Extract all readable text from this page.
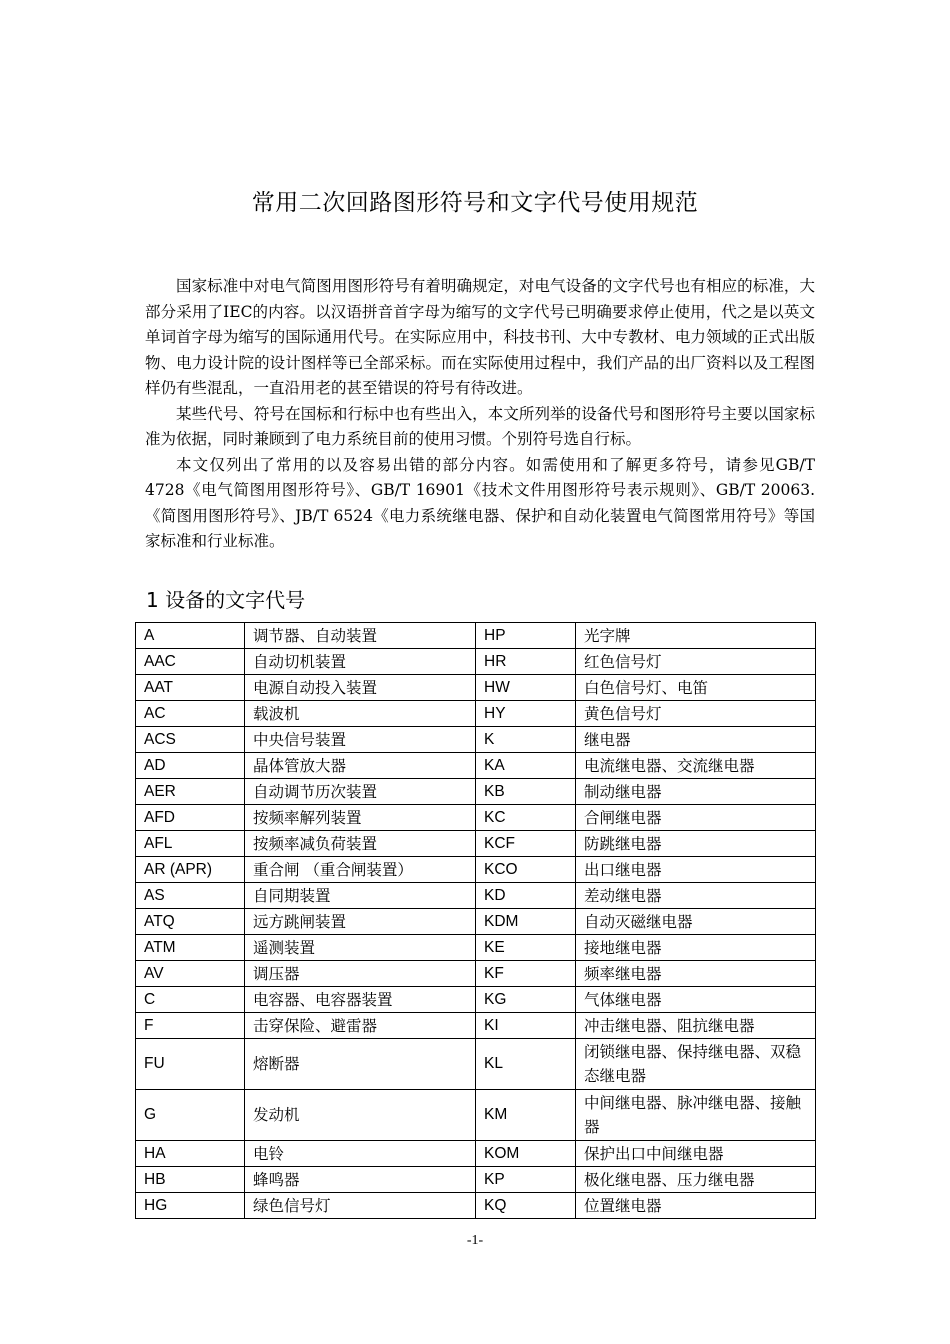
常用二次回路图形符号和文字代号使用规范

国家标准中对电气简图用图形符号有着明确规定，对电气设备的文字代号也有相应的标准，大部分采用了IEC的内容。以汉语拼音首字母为缩写的文字代号已明确要求停止使用，代之是以英文单词首字母为缩写的国际通用代号。在实际应用中，科技书刊、大中专教材、电力领域的正式出版物、电力设计院的设计图样等已全部采标。而在实际使用过程中，我们产品的出厂资料以及工程图样仍有些混乱，一直沿用老的甚至错误的符号有待改进。

某些代号、符号在国标和行标中也有些出入，本文所列举的设备代号和图形符号主要以国家标准为依据，同时兼顾到了电力系统目前的使用习惯。个别符号选自行标。

本文仅列出了常用的以及容易出错的部分内容。如需使用和了解更多符号，请参见GB/T 4728《电气简图用图形符号》、GB/T 16901《技术文件用图形符号表示规则》、GB/T 20063.《简图用图形符号》、JB/T 6524《电力系统继电器、保护和自动化装置电气简图常用符号》等国家标准和行业标准。

1 设备的文字代号
A	调节器、自动装置	HP	光字牌
AAC	自动切机装置	HR	红色信号灯
AAT	电源自动投入装置	HW	白色信号灯、电笛
AC	载波机	HY	黄色信号灯
ACS	中央信号装置	K	继电器
AD	晶体管放大器	KA	电流继电器、交流继电器
AER	自动调节历次装置	KB	制动继电器
AFD	按频率解列装置	KC	合闸继电器
AFL	按频率减负荷装置	KCF	防跳继电器
AR (APR)	重合闸 （重合闸装置）	KCO	出口继电器
AS	自同期装置	KD	差动继电器
ATQ	远方跳闸装置	KDM	自动灭磁继电器
ATM	遥测装置	KE	接地继电器
AV	调压器	KF	频率继电器
C	电容器、电容器装置	KG	气体继电器
F	击穿保险、避雷器	KI	冲击继电器、阻抗继电器
FU	熔断器	KL	闭锁继电器、保持继电器、双稳态继电器
G	发动机	KM	中间继电器、脉冲继电器、接触器
HA	电铃	KOM	保护出口中间继电器
HB	蜂鸣器	KP	极化继电器、压力继电器
HG	绿色信号灯	KQ	位置继电器
-1-
